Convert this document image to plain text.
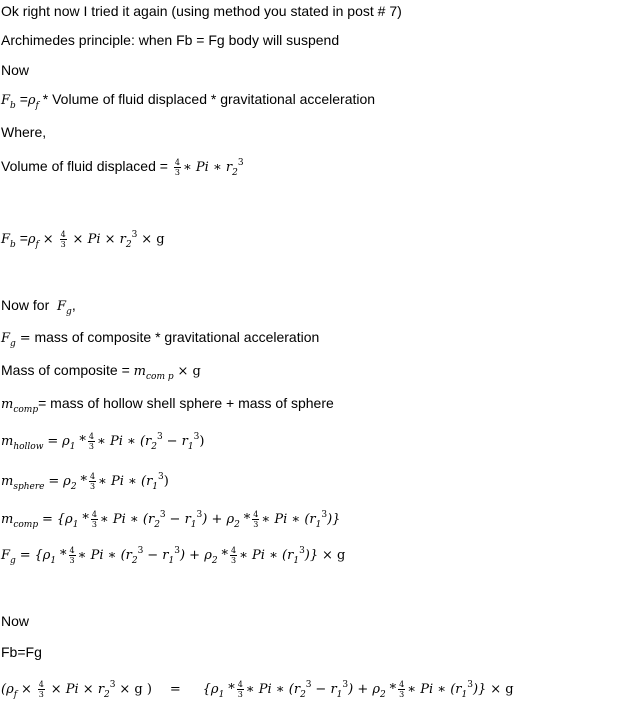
Ok right now I tried it again (using method you stated in post # 7)
Archimedes principle: when Fb = Fg body will suspend
Now
$F_b =\rho_f$ * Volume of fluid displaced * gravitational acceleration
Where,
Volume of fluid displaced = $\frac{4}{3}$ ∗ Pi ∗ $r_2^3$
$F_b =\rho_f \times \frac{4}{3} \times Pi \times r_2^3 \times g$
Now for $F_g$,
$F_g$ = mass of composite * gravitational acceleration
Mass of composite = $m_{com p} \times g$
$m_{comp}=$ mass of hollow shell sphere + mass of sphere
$m_{hollow} = \rho_1 * \frac{4}{3}$ ∗ Pi ∗ $(r_2^3 - r_1^3)$
$m_{sphere} = \rho_2 * \frac{4}{3}$ ∗ Pi ∗ $(r_1^3)$
$m_{comp} = \{\rho_1 * \frac{4}{3}$ ∗ Pi ∗ $(r_2^3 - r_1^3) + \rho_2 * \frac{4}{3}$ ∗ Pi ∗ $(r_1^3)$}
$F_g = \{\rho_1 * \frac{4}{3}$ ∗ Pi ∗ $(r_2^3 - r_1^3) + \rho_2 * \frac{4}{3}$ ∗ Pi ∗ $(r_1^3)\} \times g$
Now
Fb=Fg
($\rho_f \times \frac{4}{3} \times Pi \times r_2^3 \times g$ ) = {$\rho_1 * \frac{4}{3}$ ∗ Pi ∗ $(r_2^3 - r_1^3) + \rho_2 * \frac{4}{3}$ ∗ Pi ∗ $(r_1^3)\} \times g$
